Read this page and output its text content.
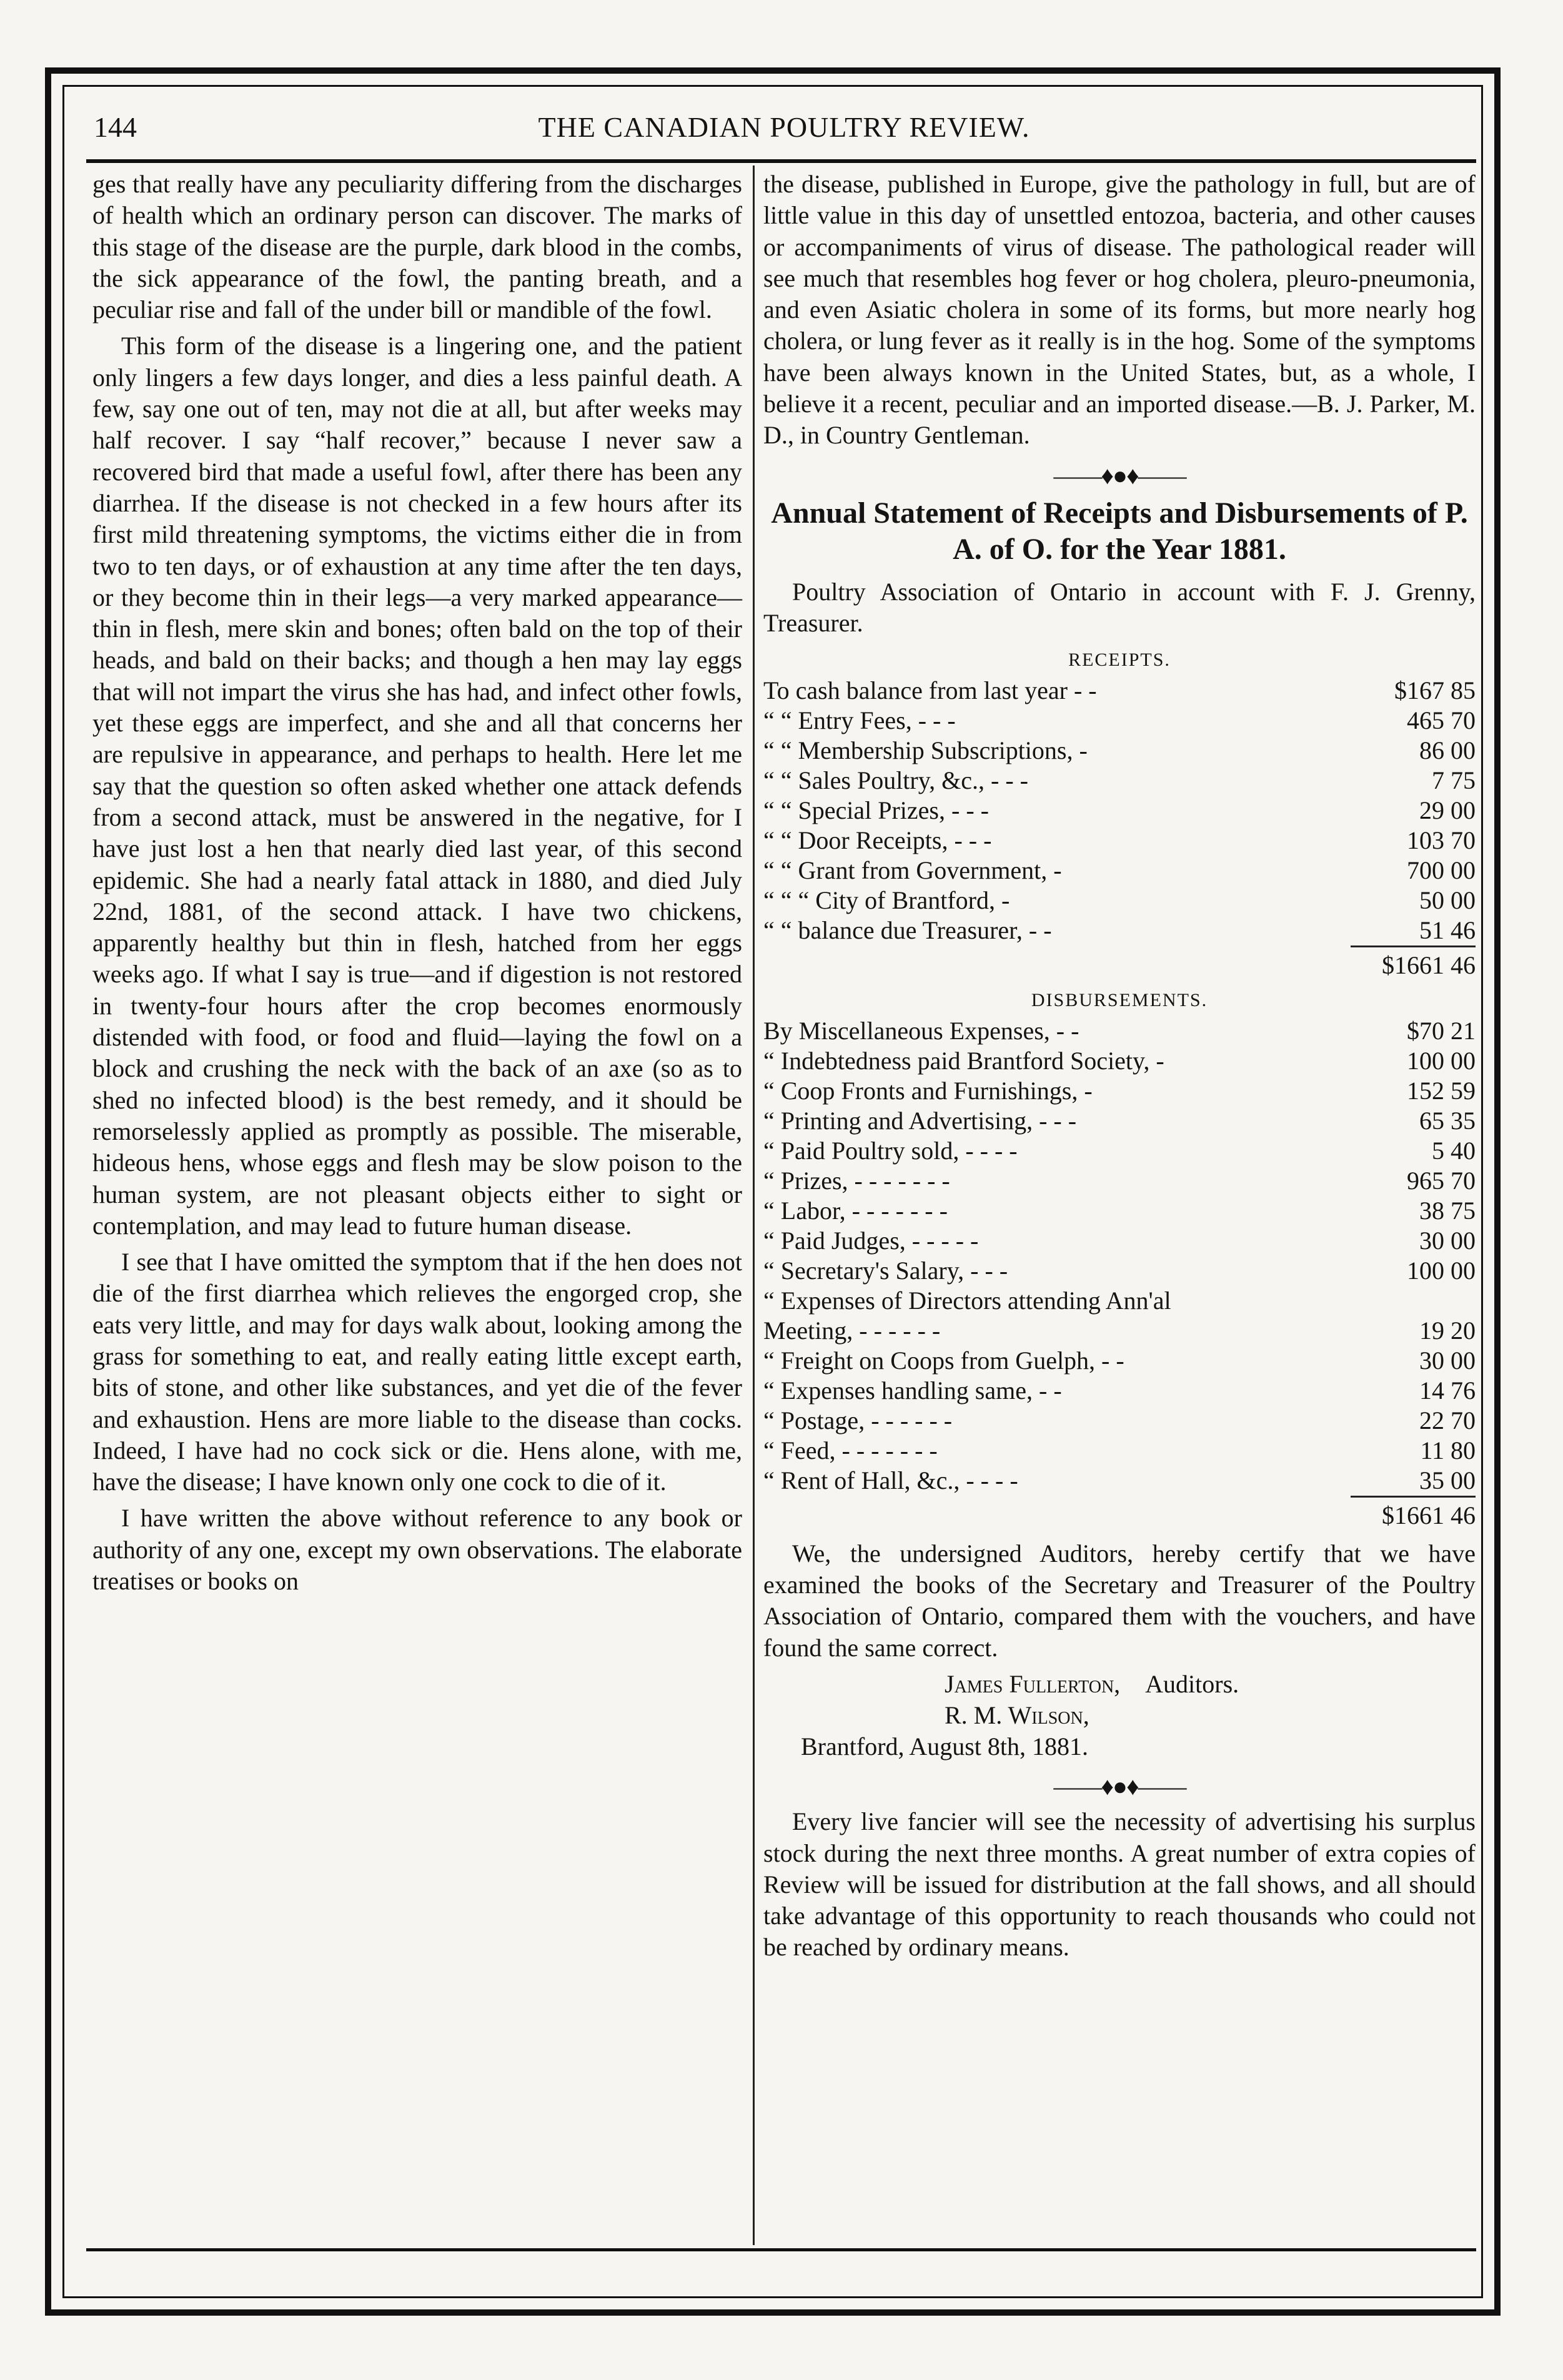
144	THE CANADIAN POULTRY REVIEW.

ges that really have any peculiarity differing from the discharges of health which an ordinary person can discover. The marks of this stage of the disease are the purple, dark blood in the combs, the sick appearance of the fowl, the panting breath, and a peculiar rise and fall of the under bill or mandible of the fowl.

This form of the disease is a lingering one, and the patient only lingers a few days longer, and dies a less painful death. A few, say one out of ten, may not die at all, but after weeks may half recover. I say “half recover,” because I never saw a recovered bird that made a useful fowl, after there has been any diarrhea. If the disease is not checked in a few hours after its first mild threatening symptoms, the victims either die in from two to ten days, or of exhaustion at any time after the ten days, or they become thin in their legs—a very marked appearance—thin in flesh, mere skin and bones; often bald on the top of their heads, and bald on their backs; and though a hen may lay eggs that will not impart the virus she has had, and infect other fowls, yet these eggs are imperfect, and she and all that concerns her are repulsive in appearance, and perhaps to health. Here let me say that the question so often asked whether one attack defends from a second attack, must be answered in the negative, for I have just lost a hen that nearly died last year, of this second epidemic. She had a nearly fatal attack in 1880, and died July 22nd, 1881, of the second attack. I have two chickens, apparently healthy but thin in flesh, hatched from her eggs weeks ago. If what I say is true—and if digestion is not restored in twenty-four hours after the crop becomes enormously distended with food, or food and fluid—laying the fowl on a block and crushing the neck with the back of an axe (so as to shed no infected blood) is the best remedy, and it should be remorselessly applied as promptly as possible. The miserable, hideous hens, whose eggs and flesh may be slow poison to the human system, are not pleasant objects either to sight or contemplation, and may lead to future human disease.

I see that I have omitted the symptom that if the hen does not die of the first diarrhea which relieves the engorged crop, she eats very little, and may for days walk about, looking among the grass for something to eat, and really eating little except earth, bits of stone, and other like substances, and yet die of the fever and exhaustion. Hens are more liable to the disease than cocks. Indeed, I have had no cock sick or die. Hens alone, with me, have the disease; I have known only one cock to die of it.

I have written the above without reference to any book or authority of any one, except my own observations. The elaborate treatises or books on

the disease, published in Europe, give the pathology in full, but are of little value in this day of unsettled entozoa, bacteria, and other causes or accompaniments of virus of disease. The pathological reader will see much that resembles hog fever or hog cholera, pleuro-pneumonia, and even Asiatic cholera in some of its forms, but more nearly hog cholera, or lung fever as it really is in the hog. Some of the symptoms have been always known in the United States, but, as a whole, I believe it a recent, peculiar and an imported disease.—B. J. Parker, M. D., in Country Gentleman.

——♦●♦——
Annual Statement of Receipts and Disbursements of P. A. of O. for the Year 1881.

Poultry Association of Ontario in account with F. J. Grenny, Treasurer.

RECEIPTS.
To cash balance from last year - -	$167 85
“ “ Entry Fees, - - -	465 70
“ “ Membership Subscriptions, -	86 00
“ “ Sales Poultry, &c., - - -	7 75
“ “ Special Prizes, - - -	29 00
“ “ Door Receipts, - - -	103 70
“ “ Grant from Government, -	700 00
“ “ “ City of Brantford, -	50 00
“ “ balance due Treasurer, - -	51 46
$1661 46
DISBURSEMENTS.
By Miscellaneous Expenses, - -	$70 21
“ Indebtedness paid Brantford Society, -	100 00
“ Coop Fronts and Furnishings, -	152 59
“ Printing and Advertising, - - -	65 35
“ Paid Poultry sold, - - - -	5 40
“ Prizes, - - - - - - -	965 70
“ Labor, - - - - - - -	38 75
“ Paid Judges, - - - - -	30 00
“ Secretary's Salary, - - -	100 00
“ Expenses of Directors attending Ann'al	
Meeting, - - - - - -	19 20
“ Freight on Coops from Guelph, - -	30 00
“ Expenses handling same, - -	14 76
“ Postage, - - - - - -	22 70
“ Feed, - - - - - - -	11 80
“ Rent of Hall, &c., - - - -	35 00
$1661 46

We, the undersigned Auditors, hereby certify that we have examined the books of the Secretary and Treasurer of the Poultry Association of Ontario, compared them with the vouchers, and have found the same correct.

James Fullerton, Auditors.
R. M. Wilson,
Brantford, August 8th, 1881.
——♦●♦——

Every live fancier will see the necessity of advertising his surplus stock during the next three months. A great number of extra copies of Review will be issued for distribution at the fall shows, and all should take advantage of this opportunity to reach thousands who could not be reached by ordinary means.
